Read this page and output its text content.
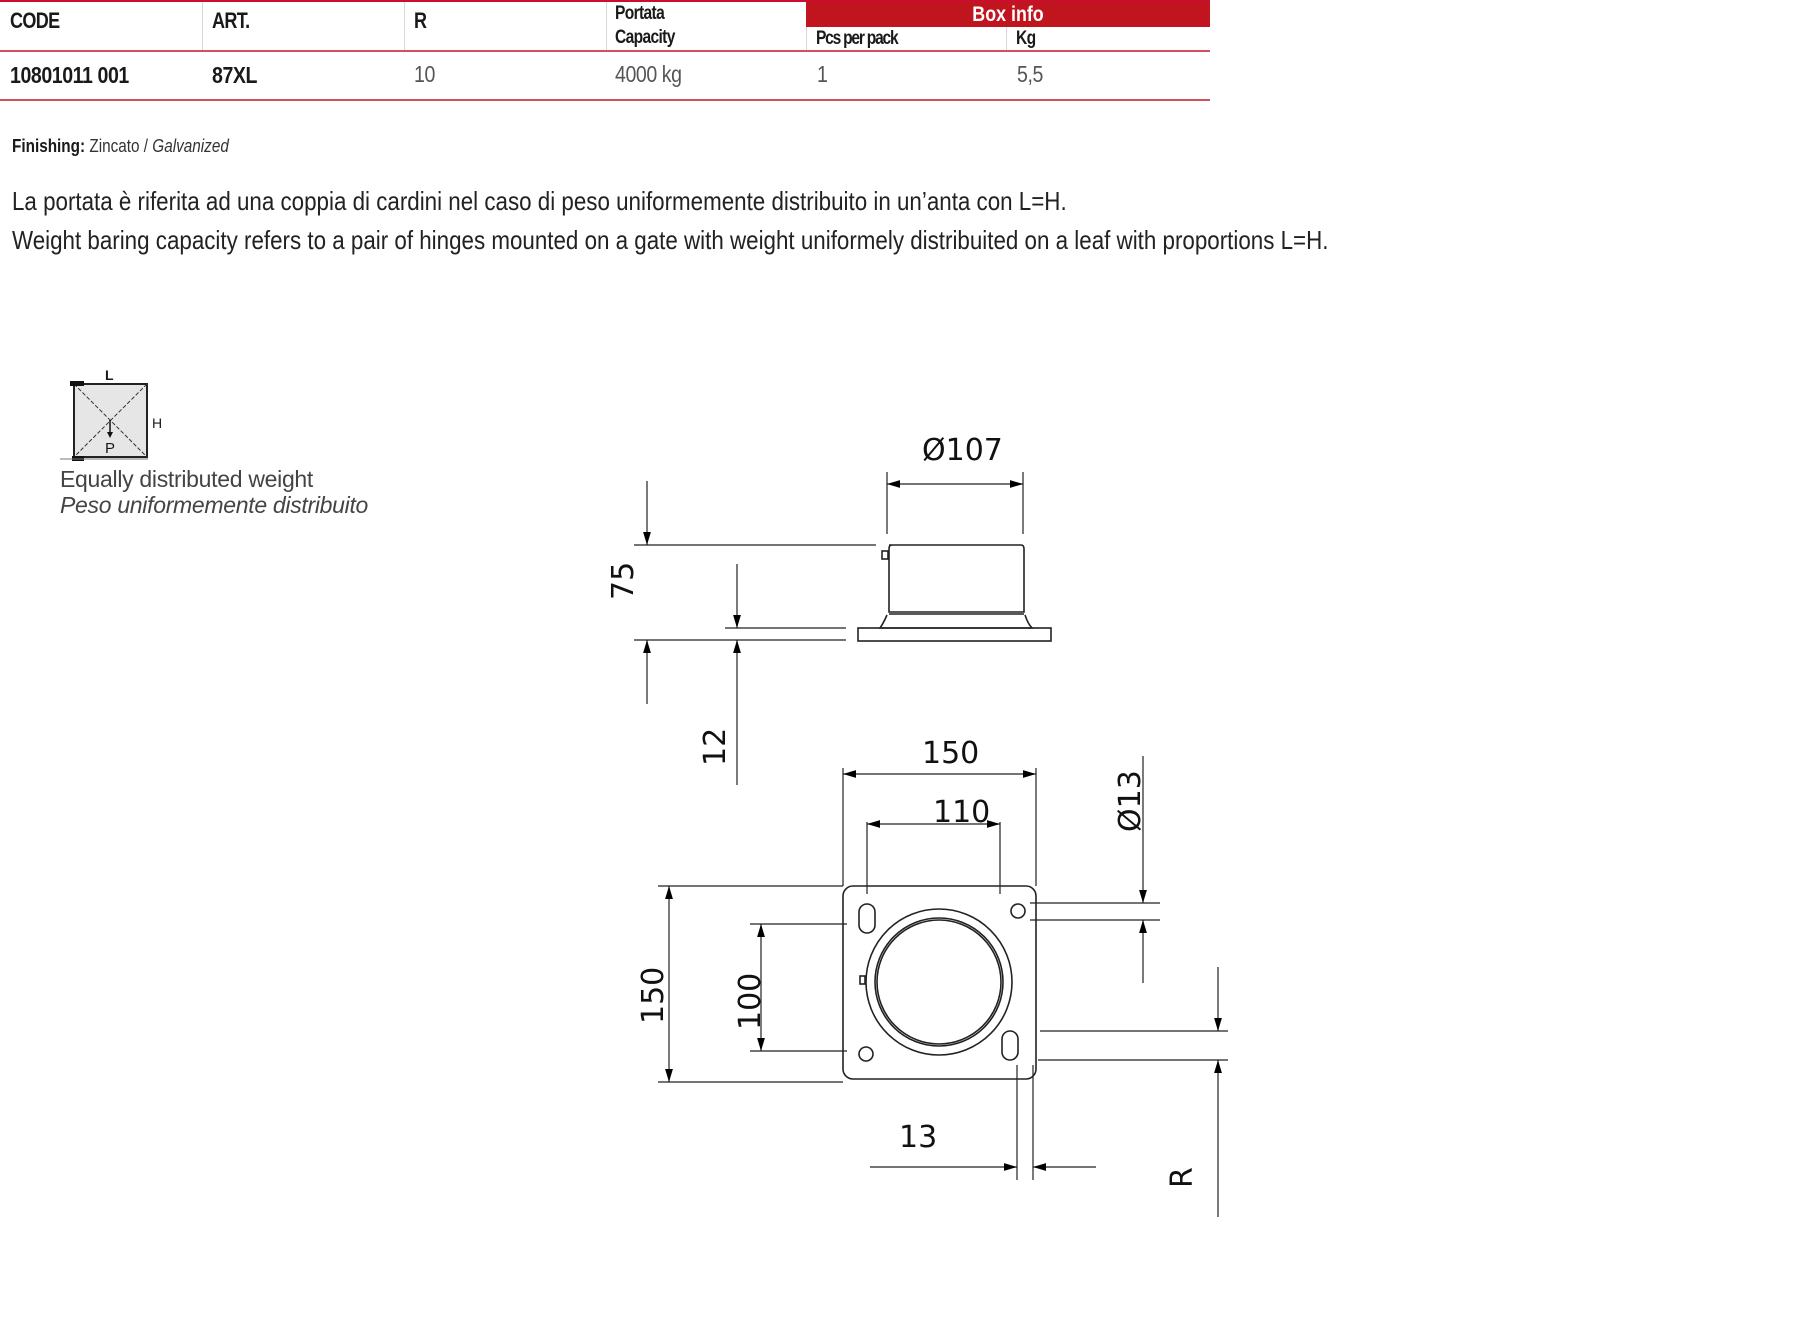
CODE	ART.	R	Portata
Capacity
Box info
Pcs per pack	Kg
10801011 001	87XL	10	4000 kg	1	5,5
Finishing: Zincato / Galvanized
La portata è riferita ad una coppia di cardini nel caso di peso uniformemente distribuito in un’anta con L=H.
Weight baring capacity refers to a pair of hinges mounted on a gate with weight uniformely distribuited on a leaf with proportions L=H.
L
H
P
Equally distributed weight
Peso uniformemente distribuito
Ø107
75
12	150
110
150 100
Ø13
13
R
